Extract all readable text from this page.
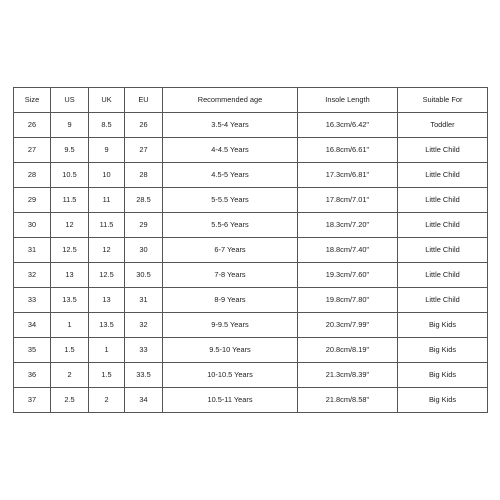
Size	US	UK	EU	Recommended age	Insole Length	Suitable For
26	9	8.5	26	3.5-4 Years	16.3cm/6.42''	Toddler
27	9.5	9	27	4-4.5 Years	16.8cm/6.61''	Little Child
28	10.5	10	28	4.5-5 Years	17.3cm/6.81''	Little Child
29	11.5	11	28.5	5-5.5 Years	17.8cm/7.01''	Little Child
30	12	11.5	29	5.5-6 Years	18.3cm/7.20''	Little Child
31	12.5	12	30	6-7 Years	18.8cm/7.40''	Little Child
32	13	12.5	30.5	7-8 Years	19.3cm/7.60''	Little Child
33	13.5	13	31	8-9 Years	19.8cm/7.80''	Little Child
34	1	13.5	32	9-9.5 Years	20.3cm/7.99''	Big Kids
35	1.5	1	33	9.5-10 Years	20.8cm/8.19''	Big Kids
36	2	1.5	33.5	10-10.5 Years	21.3cm/8.39''	Big Kids
37	2.5	2	34	10.5-11 Years	21.8cm/8.58''	Big Kids
